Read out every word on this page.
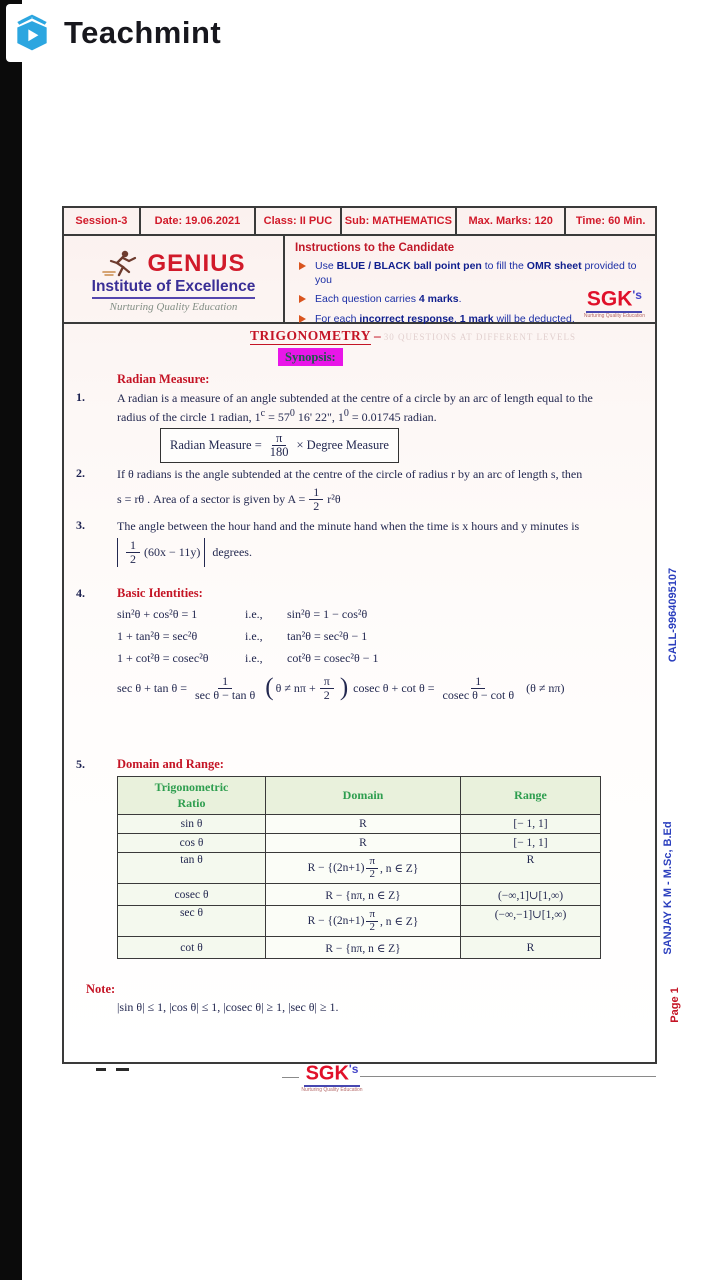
Teachmint
Session-3	Date: 19.06.2021	Class: II PUC	Sub: MATHEMATICS	Max. Marks: 120	Time: 60 Min.
GENIUS
Institute of Excellence
Nurturing Quality Education
Instructions to the Candidate
Use BLUE / BLACK ball point pen to fill the OMR sheet provided to you
Each question carries 4 marks.
For each incorrect response, 1 mark will be deducted.
$SGK^{'s}$
Nurturing Quality Education
TRIGONOMETRY – 30 QUESTIONS AT DIFFERENT LEVELS
Synopsis:
Radian Measure:
1.	A radian is a measure of an angle subtended at the centre of a circle by an arc of length equal to the radius of the circle 1 radian, $1^c = 57^0$ 16' 22", $1^0 = 0.01745$ radian.
Radian Measure = $\frac{\pi}{180}$ × Degree Measure
2.	If θ radians is the angle subtended at the centre of the circle of radius r by an arc of length s, then
s = rθ . Area of a sector is given by $A = \frac{1}{2} r^2\theta$
3.	The angle between the hour hand and the minute hand when the time is x hours and y minutes is
$\frac{1}{2} (60x - 11y)$ degrees.
4.	Basic Identities:
sin²θ + cos²θ = 1	i.e.,	sin²θ = 1 − cos²θ
1 + tan²θ = sec²θ	i.e.,	tan²θ = sec²θ − 1
1 + cot²θ = cosec²θ	i.e.,	cot²θ = cosec²θ − 1
$\sec \theta + \tan \theta = \frac{1}{\text{sec θ − tan θ}}$ ( $\theta \ne n\pi + \frac{\pi}{2}$ )
cosec $\theta + \cot \theta = \frac{1}{\text{cosec θ − cot θ}} (\theta \ne n\pi)$
5.	Domain and Range:
Trigonometric
Ratio	Domain	Range
sin θ	R	[− 1, 1]
cos θ	R	[− 1, 1]
tan θ	$R - \{(2n+1) \frac{\pi}{2}$ , n ∈ Z}	R
cosec θ	R − {nπ, n ∈ Z}	(−∞,1]∪[1,∞)
sec θ	$R - \{(2n+1) \frac{\pi}{2}$ , n ∈ Z}	(−∞,−1]∪[1,∞)
cot θ	R − {nπ, n ∈ Z}	R
Note:
|sin θ| ≤ 1, |cos θ| ≤ 1, |cosec θ| ≥ 1, |sec θ| ≥ 1.
$SGK^{'s}$
Nurturing Quality Education
CALL-9964095107
SANJAY K M - M.Sc, B.Ed
Page 1
